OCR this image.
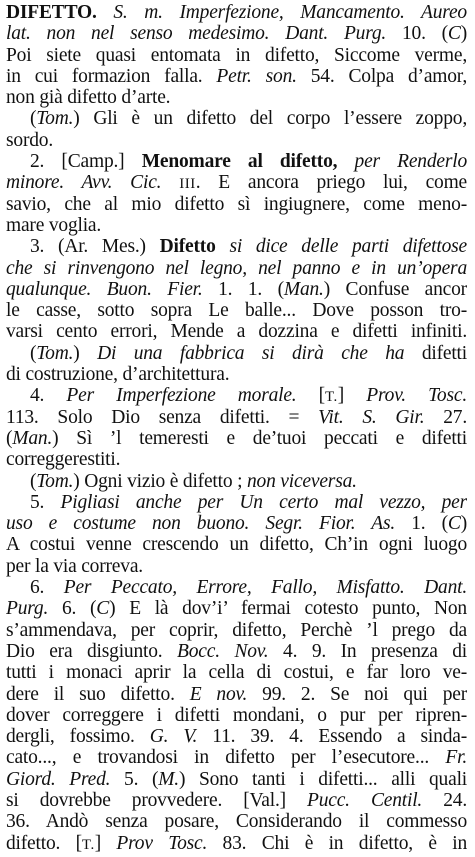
DIFETTO. S. m. Imperfezione, Mancamento. Aureo
lat. non nel senso medesimo. Dant. Purg. 10. (C)
Poi siete quasi entomata in difetto, Siccome verme,
in cui formazion falla. Petr. son. 54. Colpa d’amor,
non già difetto d’arte.
(Tom.) Gli è un difetto del corpo l’essere zoppo,
sordo.
2. [Camp.] Menomare al difetto, per Renderlo
minore. Avv. Cic. III. E ancora priego lui, come
savio, che al mio difetto sì ingiugnere, come meno-
mare voglia.
3. (Ar. Mes.) Difetto si dice delle parti difettose
che si rinvengono nel legno, nel panno e in un’opera
qualunque. Buon. Fier. 1. 1. (Man.) Confuse ancor
le casse, sotto sopra Le balle... Dove posson tro-
varsi cento errori, Mende a dozzina e difetti infiniti.
(Tom.) Di una fabbrica si dirà che ha difetti
di costruzione, d’architettura.
4. Per Imperfezione morale. [T.] Prov. Tosc.
113. Solo Dio senza difetti. = Vit. S. Gir. 27.
(Man.) Sì ’l temeresti e de’tuoi peccati e difetti
correggerestiti.
(Tom.) Ogni vizio è difetto ; non viceversa.
5. Pigliasi anche per Un certo mal vezzo, per
uso e costume non buono. Segr. Fior. As. 1. (C)
A costui venne crescendo un difetto, Ch’in ogni luogo
per la via correva.
6. Per Peccato, Errore, Fallo, Misfatto. Dant.
Purg. 6. (C) E là dov’i’ fermai cotesto punto, Non
s’ammendava, per coprir, difetto, Perchè ’l prego da
Dio era disgiunto. Bocc. Nov. 4. 9. In presenza di
tutti i monaci aprir la cella di costui, e far loro ve-
dere il suo difetto. E nov. 99. 2. Se noi qui per
dover correggere i difetti mondani, o pur per ripren-
dergli, fossimo. G. V. 11. 39. 4. Essendo a sinda-
cato..., e trovandosi in difetto per l’esecutore... Fr.
Giord. Pred. 5. (M.) Sono tanti i difetti... alli quali
si dovrebbe provvedere. [Val.] Pucc. Centil. 24.
36. Andò senza posare, Considerando il commesso
difetto. [T.] Prov Tosc. 83. Chi è in difetto, è in
